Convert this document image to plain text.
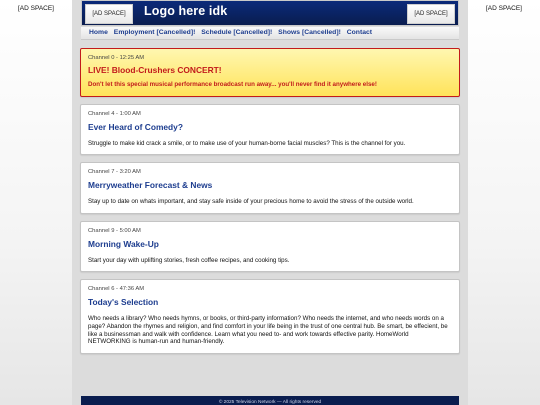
[AD SPACE]
[AD SPACE]	Logo here idk	[AD SPACE]
Home Employment [Cancelled]! Schedule [Cancelled]! Shows [Cancelled]! Contact
Channel 0 - 12:25 AM
LIVE! Blood-Crushers CONCERT!
Don't let this special musical performance broadcast run away... you'll never find it anywhere else!
Channel 4 - 1:00 AM
Ever Heard of Comedy?
Struggle to make kid crack a smile, or to make use of your human-borne facial muscles? This is the channel for you.
Channel 7 - 3:20 AM
Merryweather Forecast & News
Stay up to date on whats important, and stay safe inside of your precious home to avoid the stress of the outside world.
Channel 9 - 5:00 AM
Morning Wake-Up
Start your day with uplifting stories, fresh coffee recipes, and cooking tips.
Channel 6 - 47:36 AM
Today's Selection
Who needs a library? Who needs hymns, or books, or third-party information? Who needs the internet, and who needs words on a page? Abandon the rhymes and religion, and find comfort in your life being in the trust of one central hub. Be smart, be effecient, be like a businessman and walk with confidence. Learn what you need to- and work towards effective parity. HomeWorld NETWORKING is human-run and human-friendly.
© 2025 Television Network — All rights reserved
[AD SPACE]
